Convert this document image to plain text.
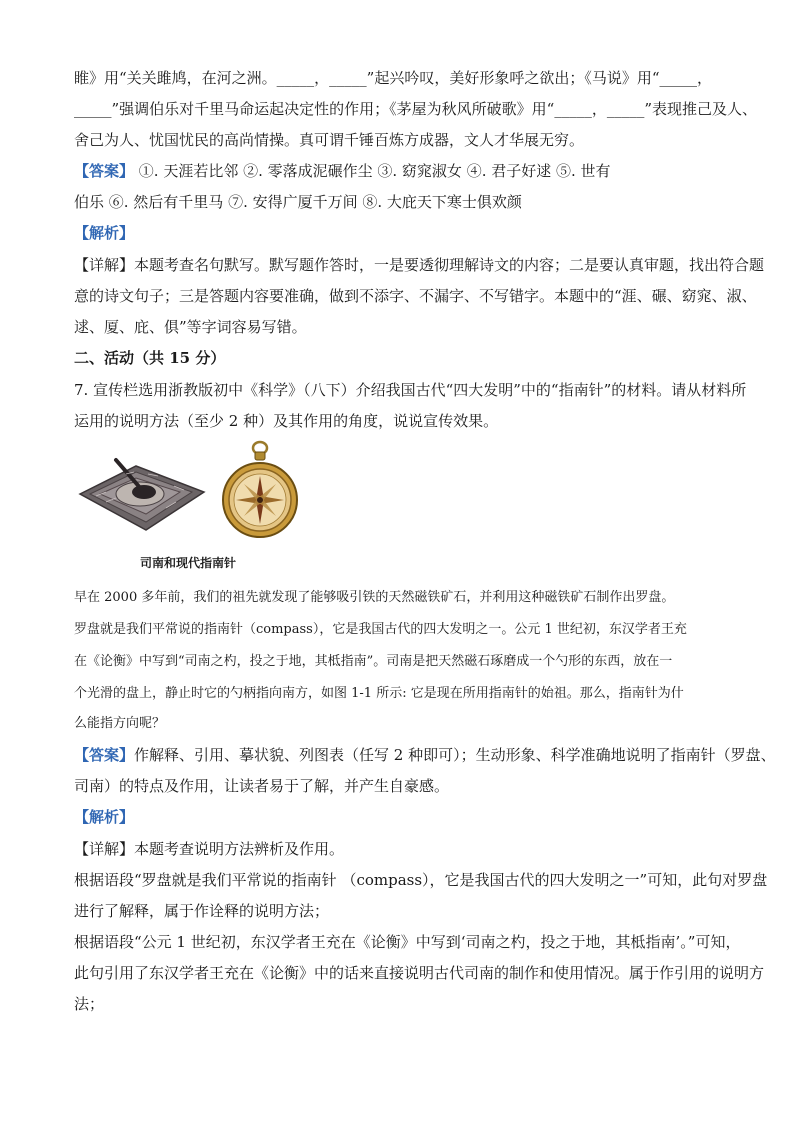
睢》用“关关雎鸠，在河之洲。_____，_____”起兴吟叹，美好形象呼之欲出；《马说》用“_____，
_____”强调伯乐对千里马命运起决定性的作用；《茅屋为秋风所破歌》用“_____，_____”表现推己及人、
舍己为人、忧国忧民的高尚情操。真可谓千锤百炼方成器，文人才华展无穷。
【答案】 ①. 天涯若比邻 ②. 零落成泥碾作尘 ③. 窈窕淑女 ④. 君子好逑 ⑤. 世有
伯乐 ⑥. 然后有千里马 ⑦. 安得广厦千万间 ⑧. 大庇天下寒士俱欢颜
【解析】
【详解】本题考查名句默写。默写题作答时，一是要透彻理解诗文的内容；二是要认真审题，找出符合题
意的诗文句子；三是答题内容要准确，做到不添字、不漏字、不写错字。本题中的“涯、碾、窈窕、淑、
逑、厦、庇、俱”等字词容易写错。
二、活动（共 15 分）
7. 宣传栏选用浙教版初中《科学》（八下）介绍我国古代“四大发明”中的“指南针”的材料。请从材料所
运用的说明方法（至少 2 种）及其作用的角度，说说宣传效果。
司南和现代指南针
早在 2000 多年前，我们的祖先就发现了能够吸引铁的天然磁铁矿石，并利用这种磁铁矿石制作出罗盘。
罗盘就是我们平常说的指南针（compass），它是我国古代的四大发明之一。公元 1 世纪初，东汉学者王充
在《论衡》中写到“司南之杓，投之于地，其柢指南”。司南是把天然磁石琢磨成一个勺形的东西，放在一
个光滑的盘上，静止时它的勺柄指向南方，如图 1-1 所示: 它是现在所用指南针的始祖。那么，指南针为什
么能指方向呢？
【答案】作解释、引用、摹状貌、列图表（任写 2 种即可）；生动形象、科学准确地说明了指南针（罗盘、
司南）的特点及作用，让读者易于了解，并产生自豪感。
【解析】
【详解】本题考查说明方法辨析及作用。
根据语段“罗盘就是我们平常说的指南针 （compass），它是我国古代的四大发明之一”可知，此句对罗盘
进行了解释，属于作诠释的说明方法；
根据语段“公元 1 世纪初，东汉学者王充在《论衡》中写到‘司南之杓，投之于地，其柢指南’。”可知，
此句引用了东汉学者王充在《论衡》中的话来直接说明古代司南的制作和使用情况。属于作引用的说明方
法；
